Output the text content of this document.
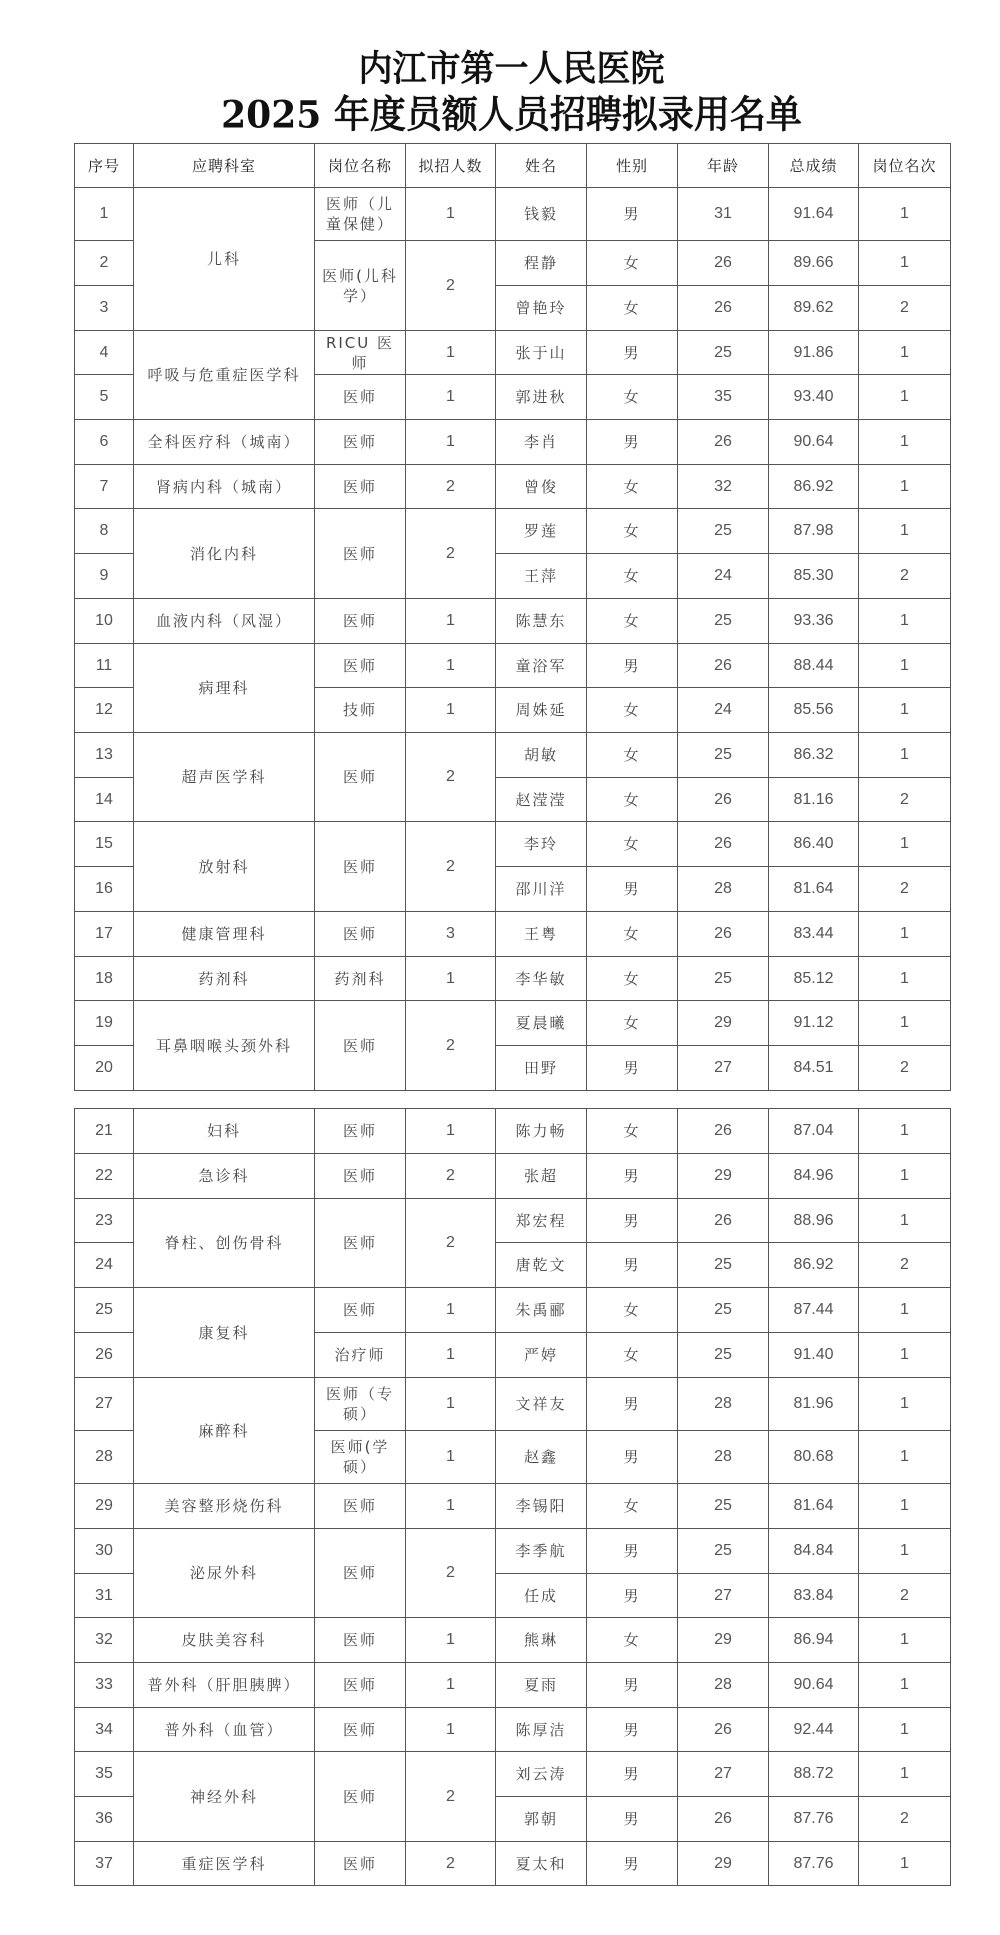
内江市第一人民医院
2025 年度员额人员招聘拟录用名单
序号	应聘科室	岗位名称	拟招人数	姓名	性别	年龄	总成绩	岗位名次
1	儿科	医师（儿童保健）	1	钱毅	男	31	91.64	1
2		医师(儿科学）	2	程静	女	26	89.66	1
3				曾艳玲	女	26	89.62	2
4	呼吸与危重症医学科	RICU 医师	1	张于山	男	25	91.86	1
5		医师	1	郭进秋	女	35	93.40	1
6	全科医疗科（城南）	医师	1	李肖	男	26	90.64	1
7	肾病内科（城南）	医师	2	曾俊	女	32	86.92	1
8	消化内科	医师	2	罗莲	女	25	87.98	1
9				王萍	女	24	85.30	2
10	血液内科（风湿）	医师	1	陈慧东	女	25	93.36	1
11	病理科	医师	1	童浴军	男	26	88.44	1
12		技师	1	周姝延	女	24	85.56	1
13	超声医学科	医师	2	胡敏	女	25	86.32	1
14				赵滢滢	女	26	81.16	2
15	放射科	医师	2	李玲	女	26	86.40	1
16				邵川洋	男	28	81.64	2
17	健康管理科	医师	3	王粤	女	26	83.44	1
18	药剂科	药剂科	1	李华敏	女	25	85.12	1
19	耳鼻咽喉头颈外科	医师	2	夏晨曦	女	29	91.12	1
20				田野	男	27	84.51	2
21	妇科	医师	1	陈力畅	女	26	87.04	1
22	急诊科	医师	2	张超	男	29	84.96	1
23	脊柱、创伤骨科	医师	2	郑宏程	男	26	88.96	1
24				唐乾文	男	25	86.92	2
25	康复科	医师	1	朱禹郦	女	25	87.44	1
26		治疗师	1	严婷	女	25	91.40	1
27	麻醉科	医师（专硕）	1	文祥友	男	28	81.96	1
28		医师(学硕）	1	赵鑫	男	28	80.68	1
29	美容整形烧伤科	医师	1	李锡阳	女	25	81.64	1
30	泌尿外科	医师	2	李季航	男	25	84.84	1
31				任成	男	27	83.84	2
32	皮肤美容科	医师	1	熊琳	女	29	86.94	1
33	普外科（肝胆胰脾）	医师	1	夏雨	男	28	90.64	1
34	普外科（血管）	医师	1	陈厚洁	男	26	92.44	1
35	神经外科	医师	2	刘云涛	男	27	88.72	1
36				郭朝	男	26	87.76	2
37	重症医学科	医师	2	夏太和	男	29	87.76	1
